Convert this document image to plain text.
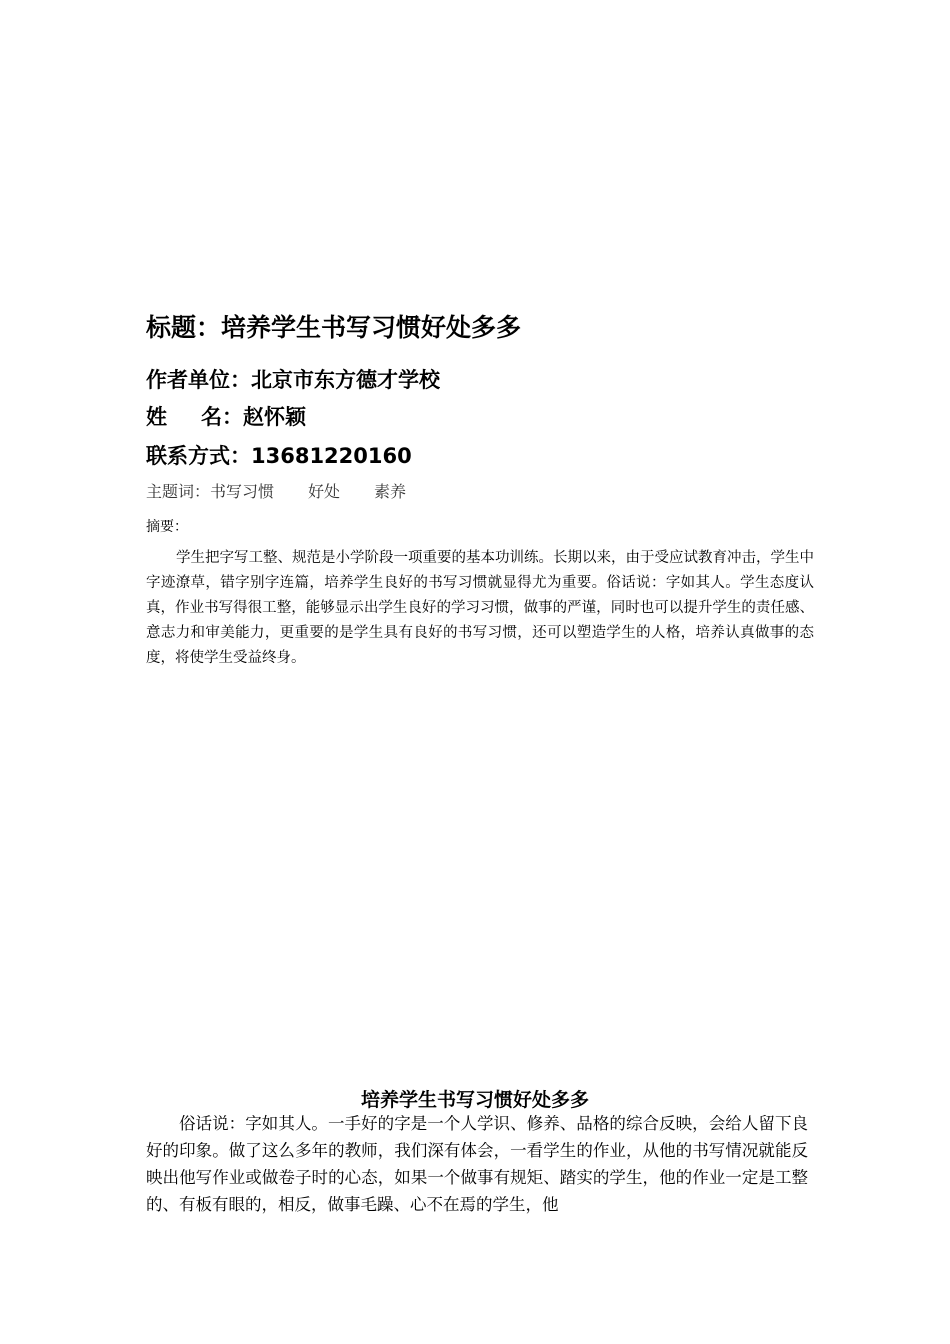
标题：培养学生书写习惯好处多多
作者单位：北京市东方德才学校
姓 名：赵怀颖
联系方式：13681220160
主题词：书写习惯 好处 素养
摘要：
学生把字写工整、规范是小学阶段一项重要的基本功训练。长期以来，由于受应试教育冲击，学生中字迹潦草，错字别字连篇，培养学生良好的书写习惯就显得尤为重要。俗话说：字如其人。学生态度认真，作业书写得很工整，能够显示出学生良好的学习习惯，做事的严谨，同时也可以提升学生的责任感、意志力和审美能力，更重要的是学生具有良好的书写习惯，还可以塑造学生的人格，培养认真做事的态度，将使学生受益终身。
培养学生书写习惯好处多多
俗话说：字如其人。一手好的字是一个人学识、修养、品格的综合反映，会给人留下良好的印象。做了这么多年的教师，我们深有体会，一看学生的作业，从他的书写情况就能反映出他写作业或做卷子时的心态，如果一个做事有规矩、踏实的学生，他的作业一定是工整的、有板有眼的，相反，做事毛躁、心不在焉的学生，他
